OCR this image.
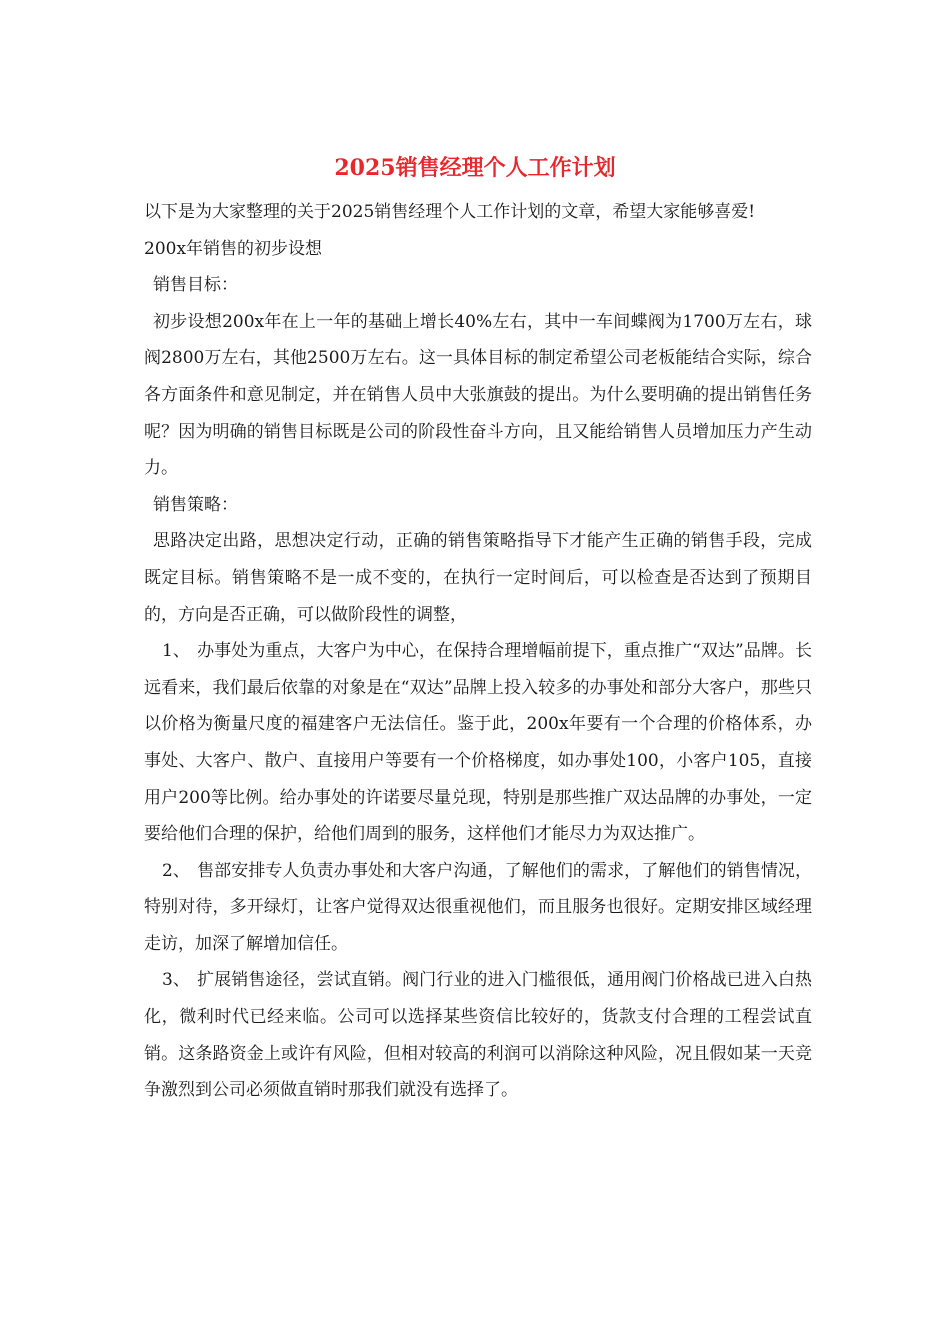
2025销售经理个人工作计划

以下是为大家整理的关于2025销售经理个人工作计划的文章，希望大家能够喜爱!

200x年销售的初步设想

销售目标：

初步设想200x年在上一年的基础上增长40%左右，其中一车间蝶阀为1700万左右，球阀2800万左右，其他2500万左右。这一具体目标的制定希望公司老板能结合实际，综合各方面条件和意见制定，并在销售人员中大张旗鼓的提出。为什么要明确的提出销售任务呢？因为明确的销售目标既是公司的阶段性奋斗方向，且又能给销售人员增加压力产生动力。

销售策略：

思路决定出路，思想决定行动，正确的销售策略指导下才能产生正确的销售手段，完成既定目标。销售策略不是一成不变的，在执行一定时间后，可以检查是否达到了预期目的，方向是否正确，可以做阶段性的调整，

1、 办事处为重点，大客户为中心，在保持合理增幅前提下，重点推广“双达”品牌。长远看来，我们最后依靠的对象是在“双达”品牌上投入较多的办事处和部分大客户，那些只以价格为衡量尺度的福建客户无法信任。鉴于此，200x年要有一个合理的价格体系，办事处、大客户、散户、直接用户等要有一个价格梯度，如办事处100，小客户105，直接用户200等比例。给办事处的许诺要尽量兑现，特别是那些推广双达品牌的办事处，一定要给他们合理的保护，给他们周到的服务，这样他们才能尽力为双达推广。

2、 售部安排专人负责办事处和大客户沟通，了解他们的需求，了解他们的销售情况，特别对待，多开绿灯，让客户觉得双达很重视他们，而且服务也很好。定期安排区域经理走访，加深了解增加信任。

3、 扩展销售途径，尝试直销。阀门行业的进入门槛很低，通用阀门价格战已进入白热化，微利时代已经来临。公司可以选择某些资信比较好的，货款支付合理的工程尝试直销。这条路资金上或许有风险，但相对较高的利润可以消除这种风险，况且假如某一天竞争激烈到公司必须做直销时那我们就没有选择了。
